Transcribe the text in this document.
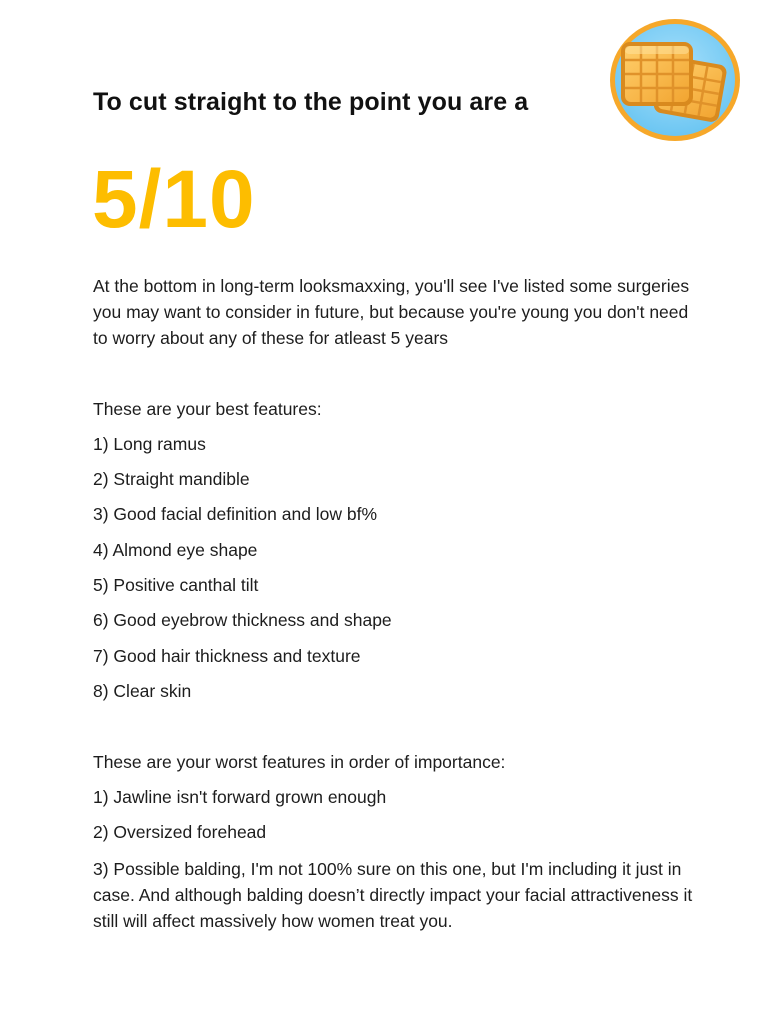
To cut straight to the point you are a
5/10

At the bottom in long-term looksmaxxing, you'll see I've listed some surgeries you may want to consider in future, but because you're young you don't need to worry about any of these for atleast 5 years

These are your best features:

1) Long ramus

2) Straight mandible

3) Good facial definition and low bf%

4) Almond eye shape

5) Positive canthal tilt

6) Good eyebrow thickness and shape

7) Good hair thickness and texture

8) Clear skin

These are your worst features in order of importance:

1) Jawline isn't forward grown enough

2) Oversized forehead

3) Possible balding, I'm not 100% sure on this one, but I'm including it just in case. And although balding doesn’t directly impact your facial attractiveness it still will affect massively how women treat you.
